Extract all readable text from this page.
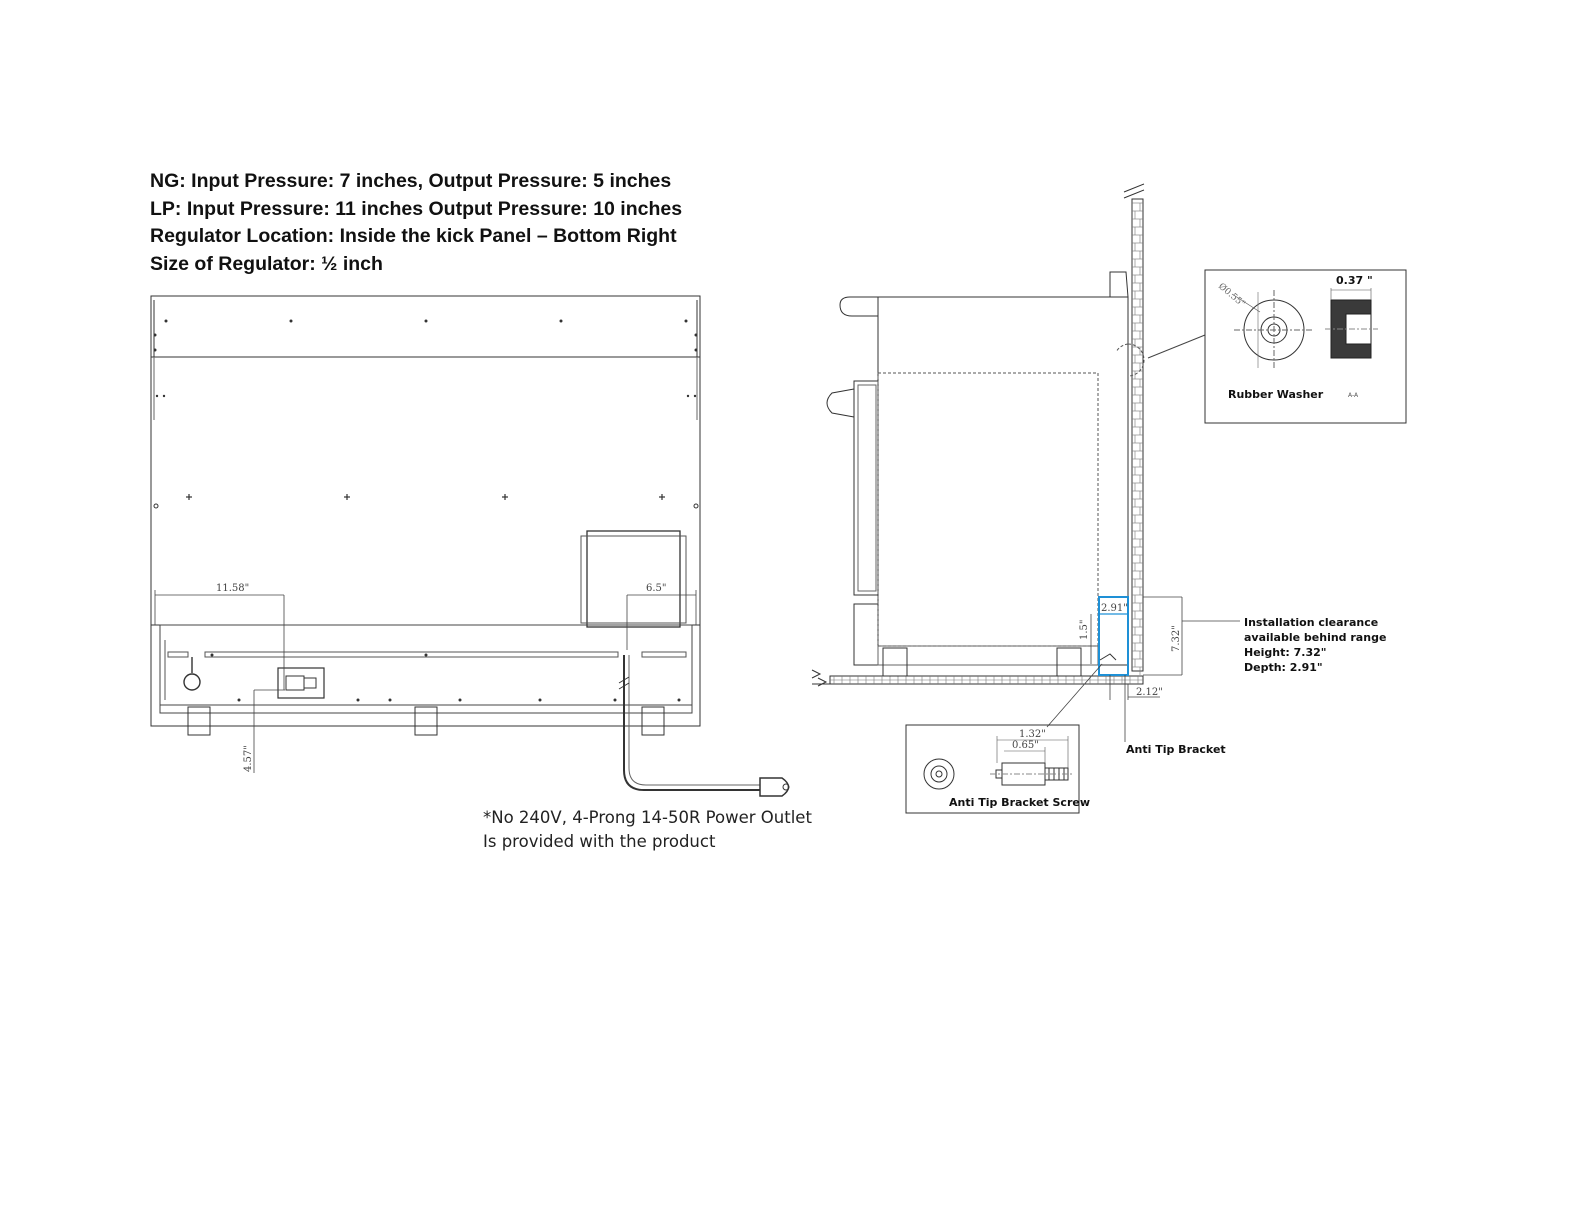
NG: Input Pressure: 7 inches, Output Pressure: 5 inches
LP: Input Pressure: 11 inches Output Pressure: 10 inches
Regulator Location: Inside the kick Panel – Bottom Right
Size of Regulator: ½ inch
*No 240V, 4-Prong 14-50R Power Outlet
Is provided with the product
11.58"	6.5"
4.57"
2.91"
7.32"
1.5"
2.12"
Installation clearance
available behind range
Height: 7.32"
Depth: 2.91"
Anti Tip Bracket
Ø0.55"
0.37 "
Rubber Washer	A-A
1.32"
0.65"
Anti Tip Bracket Screw
